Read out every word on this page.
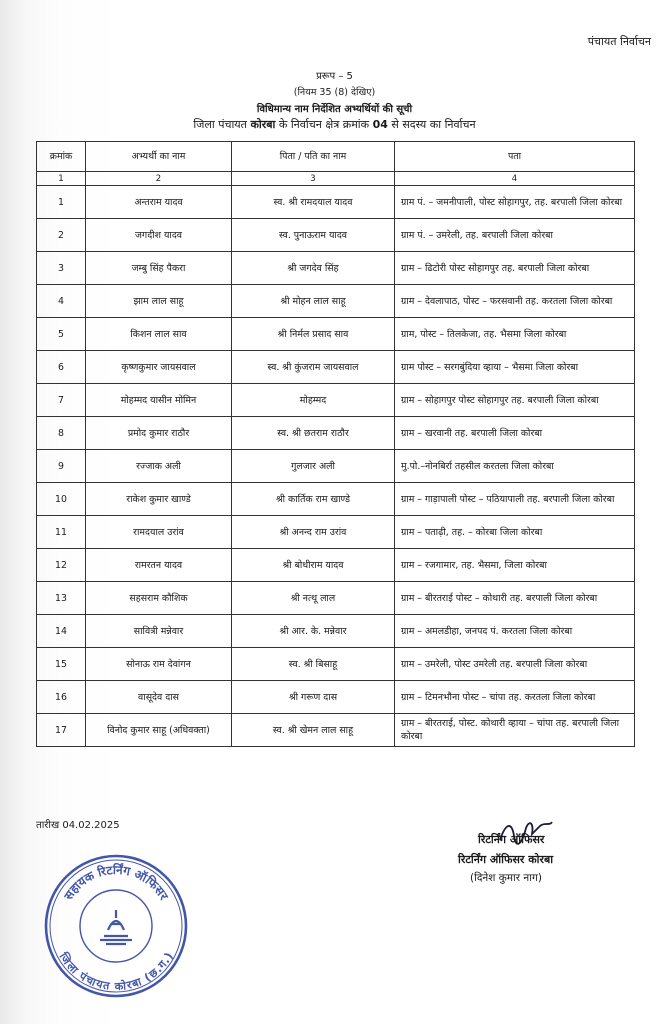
पंचायत निर्वाचन
प्ररूप – 5
(नियम 35 (8) देखिए)
विधिमान्य नाम निर्देशित अभ्यर्थियों की सूची
जिला पंचायत कोरबा के निर्वाचन क्षेत्र क्रमांक 04 से सदस्य का निर्वाचन
क्रमांक	अभ्यर्थी का नाम	पिता / पति का नाम	पता
1	2	3	4
1	अन्तराम यादव	स्व. श्री रामदयाल यादव	ग्राम पं. – जमनीपाली, पोस्ट सोहागपुर, तह. बरपाली जिला कोरबा
2	जगदीश यादव	स्व. पुनाऊराम यादव	ग्राम पं. – उमरेली, तह. बरपाली जिला कोरबा
3	जम्बु सिंह पैकरा	श्री जगदेव सिंह	ग्राम – ढिटोरी पोस्ट सोहागपुर तह. बरपाली जिला कोरबा
4	झाम लाल साहू	श्री मोहन लाल साहू	ग्राम – देवलापाठ, पोस्ट – फरसवानी तह. करतला जिला कोरबा
5	किशन लाल साव	श्री निर्मल प्रसाद साव	ग्राम, पोस्ट – तिलकेजा, तह. भैसमा जिला कोरबा
6	कृष्णकुमार जायसवाल	स्व. श्री कुंजराम जायसवाल	ग्राम पोस्ट – सरगबुंदिया व्हाया – भैसमा जिला कोरबा
7	मोहम्मद यासीन मोमिन	मोहम्मद	ग्राम – सोहागपुर पोस्ट सोहागपुर तह. बरपाली जिला कोरबा
8	प्रमोद कुमार राठौर	स्व. श्री छतराम राठौर	ग्राम – खरवानी तह. बरपाली जिला कोरबा
9	रज्जाक अली	गुलजार अली	मु.पो.–नोनबिर्रा तहसील करतला जिला कोरबा
10	राकेश कुमार खाण्डे	श्री कार्तिक राम खाण्डे	ग्राम – गाड़ापाली पोस्ट – पठियापाली तह. बरपाली जिला कोरबा
11	रामदयाल उरांव	श्री अनन्द राम उरांव	ग्राम – पताढ़ी, तह. – कोरबा जिला कोरबा
12	रामरतन यादव	श्री बोधीराम यादव	ग्राम – रजगामार, तह. भैसमा, जिला कोरबा
13	सहसराम कौशिक	श्री नत्थू लाल	ग्राम – बीरतराई पोस्ट – कोथारी तह. बरपाली जिला कोरबा
14	सावित्री मन्नेवार	श्री आर. के. मन्नेवार	ग्राम – अमलडीहा, जनपद पं. करतला जिला कोरबा
15	सोनाऊ राम देवांगन	स्व. श्री बिसाहू	ग्राम – उमरेली, पोस्ट उमरेली तह. बरपाली जिला कोरबा
16	वासूदेव दास	श्री गरूण दास	ग्राम – टिमनभौना पोस्ट – चांपा तह. करतला जिला कोरबा
17	विनोद कुमार साहू (अधिवक्ता)	स्व. श्री खेमन लाल साहू	ग्राम – बीरतराई, पोस्ट. कोथारी व्हाया – चांपा तह. बरपाली जिला कोरबा
तारीख 04.02.2025
सहायक रिटर्निंग ऑफिसर
जिला पंचायत कोरबा (छ.ग.)
रिटर्निंग ऑफिसर
रिटर्निंग ऑफिसर कोरबा
(दिनेश कुमार नाग)
